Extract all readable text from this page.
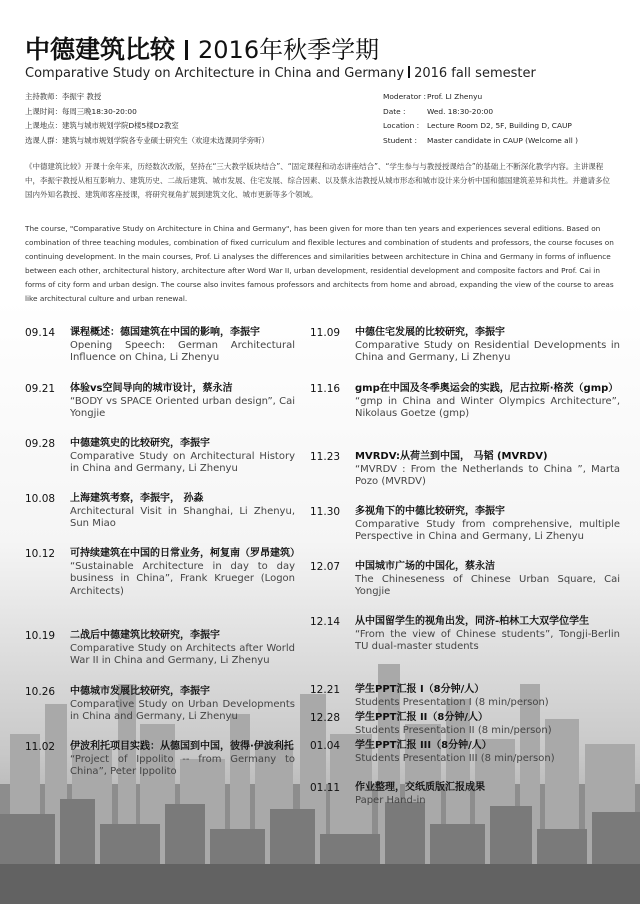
中德建筑比较 2016年秋季学期
Comparative Study on Architecture in China and Germany 2016 fall semester
主持教师：李振宇 教授
上课时间：每周三晚18:30-20:00
上课地点：建筑与城市规划学院D楼5楼D2教室
选课人群：建筑与城市规划学院各专业硕士研究生（欢迎未选课同学旁听）
Moderator :Prof. LI Zhenyu
Date :	Wed. 18:30-20:00
Location : Lecture Room D2, 5F, Building D, CAUP
Student : Master candidate in CAUP (Welcome all )
《中德建筑比较》开课十余年来，历经数次改版，坚持在“三大教学版块结合”、“固定课程和动态讲座结合”、“学生参与与教授授课结合”的基础上不断深化教学内容。主讲课程中，李振宇教授从相互影响力、建筑历史、二战后建筑、城市发展、住宅发展、综合因素、以及蔡永洁教授从城市形态和城市设计来分析中国和德国建筑差异和共性。并邀请多位国内外知名教授、建筑师客座授课，将研究视角扩展到建筑文化、城市更新等多个领域。
The course, "Comparative Study on Architecture in China and Germany", has been given for more than ten years and experiences several editions. Based on combination of three teaching modules, combination of fixed curriculum and flexible lectures and combination of students and professors, the course focuses on continuing development. In the main courses, Prof. Li analyses the differences and similarities between architecture in China and Germany in forms of influence between each other, architectural history, architecture after Word War II, urban development, residential development and composite factors and Prof. Cai in forms of city form and urban design. The course also invites famous professors and architects from home and abroad, expanding the view of the course to areas like architectural culture and urban renewal.
09.14	课程概述：德国建筑在中国的影响，李振宇
Opening Speech: German Architectural Influence on China, Li Zhenyu
09.21	体验vs空间导向的城市设计，蔡永洁
“BODY vs SPACE Oriented urban design”, Cai Yongjie
09.28	中德建筑史的比较研究，李振宇
Comparative Study on Architectural History in China and Germany, Li Zhenyu
10.08	上海建筑考察，李振宇， 孙淼
Architectural Visit in Shanghai, Li Zhenyu, Sun Miao
10.12	可持续建筑在中国的日常业务，柯复南（罗昂建筑）
“Sustainable Architecture in day to day business in China”, Frank Krueger (Logon Architects)
10.19	二战后中德建筑比较研究，李振宇
Comparative Study on Architects after World War II in China and Germany, Li Zhenyu
10.26	中德城市发展比较研究，李振宇
Comparative Study on Urban Developments in China and Germany, Li Zhenyu
11.02	伊波利托项目实践：从德国到中国，彼得·伊波利托
“Project of Ippolito -- from Germany to China”, Peter Ippolito
11.09	中德住宅发展的比较研究，李振宇
Comparative Study on Residential Developments in China and Germany, Li Zhenyu
11.16	gmp在中国及冬季奥运会的实践，尼古拉斯·格茨（gmp）
“gmp in China and Winter Olympics Architecture”, Nikolaus Goetze (gmp)
11.23	MVRDV:从荷兰到中国， 马韬 (MVRDV)
“MVRDV : From the Netherlands to China ”, Marta Pozo (MVRDV)
11.30	多视角下的中德比较研究，李振宇
Comparative Study from comprehensive, multiple Perspective in China and Germany, Li Zhenyu
12.07	中国城市广场的中国化，蔡永洁
The Chineseness of Chinese Urban Square, Cai Yongjie
12.14	从中国留学生的视角出发，同济-柏林工大双学位学生
“From the view of Chinese students”, Tongji-Berlin TU dual-master students
12.21	学生PPT汇报 I（8分钟/人）
Students Presentation I (8 min/person)
12.28	学生PPT汇报 II（8分钟/人）
Students Presentation II (8 min/person)
01.04	学生PPT汇报 III（8分钟/人）
Students Presentation III (8 min/person)
01.11	作业整理，交纸质版汇报成果
Paper Hand-in
